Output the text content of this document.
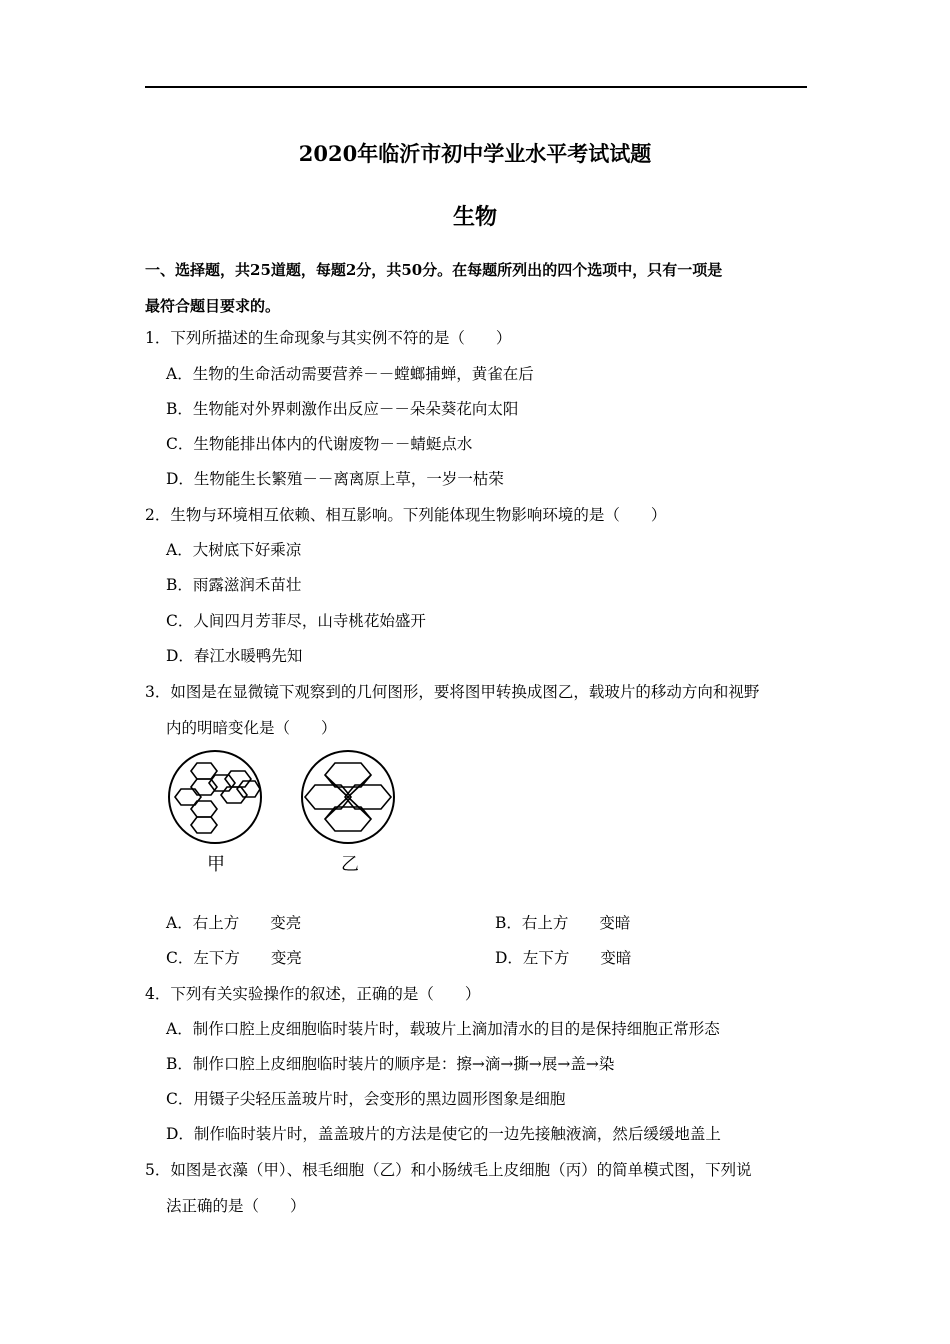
2020年临沂市初中学业水平考试试题
生物
一、选择题，共25道题，每题2分，共50分。在每题所列出的四个选项中，只有一项是
最符合题目要求的。
1．下列所描述的生命现象与其实例不符的是（　　）
A．生物的生命活动需要营养－－螳螂捕蝉，黄雀在后
B．生物能对外界刺激作出反应－－朵朵葵花向太阳
C．生物能排出体内的代谢废物－－蜻蜓点水
D．生物能生长繁殖－－离离原上草，一岁一枯荣
2．生物与环境相互依赖、相互影响。下列能体现生物影响环境的是（　　）
A．大树底下好乘凉
B．雨露滋润禾苗壮
C．人间四月芳菲尽，山寺桃花始盛开
D．春江水暖鸭先知
3．如图是在显微镜下观察到的几何图形，要将图甲转换成图乙，载玻片的移动方向和视野
内的明暗变化是（　　）
甲	乙
A．右上方　　变亮	B．右上方　　变暗
C．左下方　　变亮	D．左下方　　变暗
4．下列有关实验操作的叙述，正确的是（　　）
A．制作口腔上皮细胞临时装片时，载玻片上滴加清水的目的是保持细胞正常形态
B．制作口腔上皮细胞临时装片的顺序是：擦→滴→撕→展→盖→染
C．用镊子尖轻压盖玻片时，会变形的黑边圆形图象是细胞
D．制作临时装片时，盖盖玻片的方法是使它的一边先接触液滴，然后缓缓地盖上
5．如图是衣藻（甲）、根毛细胞（乙）和小肠绒毛上皮细胞（丙）的简单模式图，下列说
法正确的是（　　）
